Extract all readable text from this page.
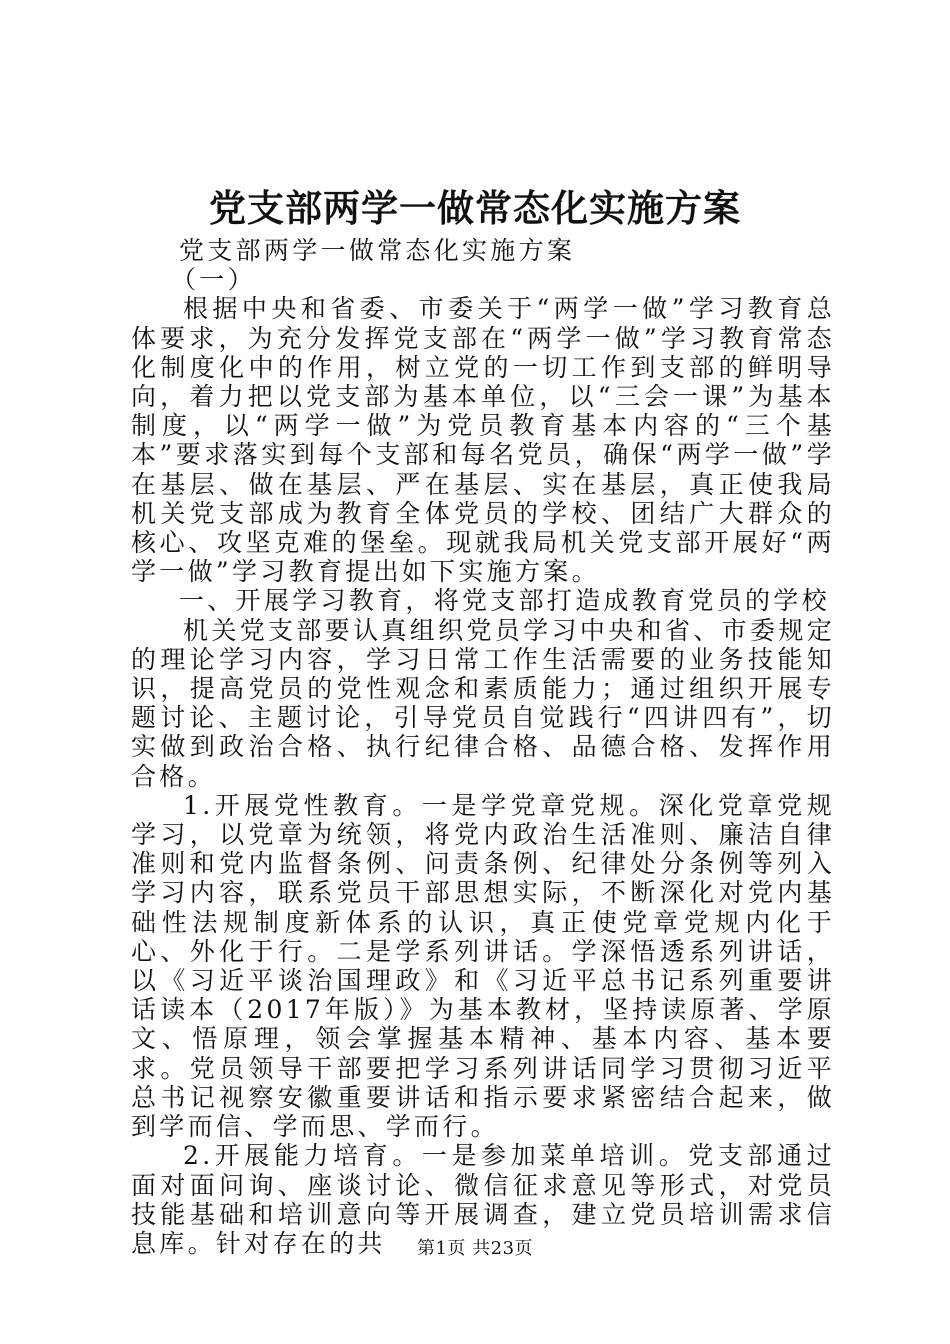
党支部两学一做常态化实施方案

党支部两学一做常态化实施方案

（一）

根据中央和省委、市委关于“两学一做”学习教育总体要求，为充分发挥党支部在“两学一做”学习教育常态化制度化中的作用，树立党的一切工作到支部的鲜明导向，着力把以党支部为基本单位，以“三会一课”为基本制度，以“两学一做”为党员教育基本内容的“三个基本”要求落实到每个支部和每名党员，确保“两学一做”学在基层、做在基层、严在基层、实在基层，真正使我局机关党支部成为教育全体党员的学校、团结广大群众的核心、攻坚克难的堡垒。现就我局机关党支部开展好“两学一做”学习教育提出如下实施方案。

一、开展学习教育，将党支部打造成教育党员的学校

机关党支部要认真组织党员学习中央和省、市委规定的理论学习内容，学习日常工作生活需要的业务技能知识，提高党员的党性观念和素质能力；通过组织开展专题讨论、主题讨论，引导党员自觉践行“四讲四有”，切实做到政治合格、执行纪律合格、品德合格、发挥作用合格。

1.开展党性教育。一是学党章党规。深化党章党规学习，以党章为统领，将党内政治生活准则、廉洁自律准则和党内监督条例、问责条例、纪律处分条例等列入学习内容，联系党员干部思想实际，不断深化对党内基础性法规制度新体系的认识，真正使党章党规内化于心、外化于行。二是学系列讲话。学深悟透系列讲话，以《习近平谈治国理政》和《习近平总书记系列重要讲话读本（2017年版）》为基本教材，坚持读原著、学原文、悟原理，领会掌握基本精神、基本内容、基本要求。党员领导干部要把学习系列讲话同学习贯彻习近平总书记视察安徽重要讲话和指示要求紧密结合起来，做到学而信、学而思、学而行。

2.开展能力培育。一是参加菜单培训。党支部通过面对面问询、座谈讨论、微信征求意见等形式，对党员技能基础和培训意向等开展调查，建立党员培训需求信息库。针对存在的共	第1页 共23页
